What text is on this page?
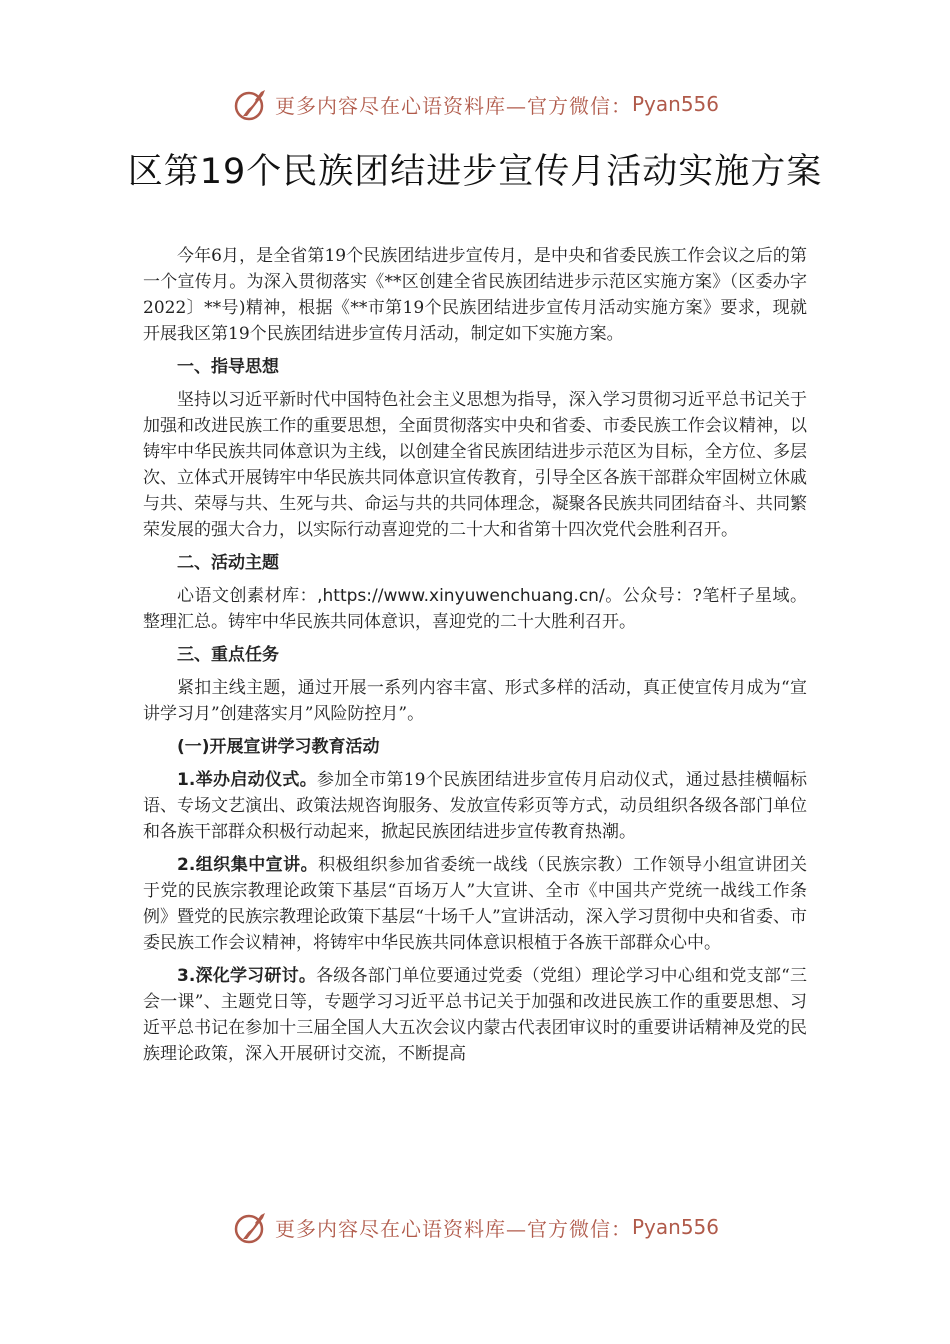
更多内容尽在心语资料库—官方微信： Pyan556
区第19个民族团结进步宣传月活动实施方案

今年6月，是全省第19个民族团结进步宣传月，是中央和省委民族工作会议之后的第一个宣传月。为深入贯彻落实《**区创建全省民族团结进步示范区实施方案》（区委办字2022〕**号)精神，根据《**市第19个民族团结进步宣传月活动实施方案》要求，现就开展我区第19个民族团结进步宣传月活动，制定如下实施方案。

一、指导思想

坚持以习近平新时代中国特色社会主义思想为指导，深入学习贯彻习近平总书记关于加强和改进民族工作的重要思想，全面贯彻落实中央和省委、市委民族工作会议精神，以铸牢中华民族共同体意识为主线，以创建全省民族团结进步示范区为目标，全方位、多层次、立体式开展铸牢中华民族共同体意识宣传教育，引导全区各族干部群众牢固树立休戚与共、荣辱与共、生死与共、命运与共的共同体理念，凝聚各民族共同团结奋斗、共同繁荣发展的强大合力，以实际行动喜迎党的二十大和省第十四次党代会胜利召开。

二、活动主题

心语文创素材库：,https://www.xinyuwenchuang.cn/。公众号：?笔杆子星域。整理汇总。铸牢中华民族共同体意识，喜迎党的二十大胜利召开。

三、重点任务

紧扣主线主题，通过开展一系列内容丰富、形式多样的活动，真正使宣传月成为“宣讲学习月”创建落实月”风险防控月”。

(一)开展宣讲学习教育活动

1.举办启动仪式。参加全市第19个民族团结进步宣传月启动仪式，通过悬挂横幅标语、专场文艺演出、政策法规咨询服务、发放宣传彩页等方式，动员组织各级各部门单位和各族干部群众积极行动起来，掀起民族团结进步宣传教育热潮。

2.组织集中宣讲。积极组织参加省委统一战线（民族宗教）工作领导小组宣讲团关于党的民族宗教理论政策下基层“百场万人”大宣讲、全市《中国共产党统一战线工作条例》暨党的民族宗教理论政策下基层“十场千人”宣讲活动，深入学习贯彻中央和省委、市委民族工作会议精神，将铸牢中华民族共同体意识根植于各族干部群众心中。

3.深化学习研讨。各级各部门单位要通过党委（党组）理论学习中心组和党支部“三会一课”、主题党日等，专题学习习近平总书记关于加强和改进民族工作的重要思想、习近平总书记在参加十三届全国人大五次会议内蒙古代表团审议时的重要讲话精神及党的民族理论政策，深入开展研讨交流，不断提高

更多内容尽在心语资料库—官方微信： Pyan556
